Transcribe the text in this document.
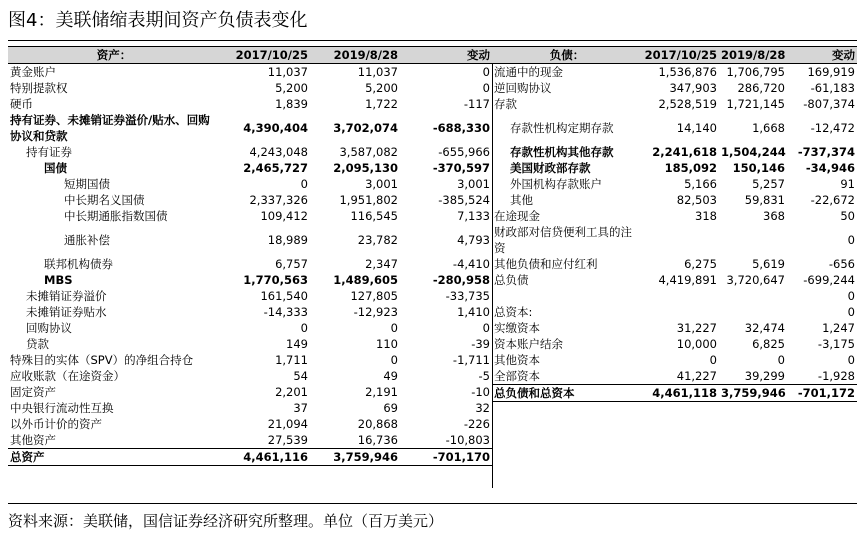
图4：美联储缩表期间资产负债表变化
资产：	2017/10/25	2019/8/28	变动
黄金账户	11,037	11,037	0
特别提款权	5,200	5,200	0
硬币	1,839	1,722	-117
持有证券、未摊销证券溢价/贴水、回购协议和贷款	4,390,404	3,702,074	-688,330
持有证券	4,243,048	3,587,082	-655,966
国债	2,465,727	2,095,130	-370,597
短期国债	0	3,001	3,001
中长期名义国债	2,337,326	1,951,802	-385,524
中长期通胀指数国债	109,412	116,545	7,133
通胀补偿	18,989	23,782	4,793
联邦机构债券	6,757	2,347	-4,410
MBS	1,770,563	1,489,605	-280,958
未摊销证券溢价	161,540	127,805	-33,735
未摊销证券贴水	-14,333	-12,923	1,410
回购协议	0	0	0
贷款	149	110	-39
特殊目的实体（SPV）的净组合持仓	1,711	0	-1,711
应收账款（在途资金）	54	49	-5
固定资产	2,201	2,191	-10
中央银行流动性互换	37	69	32
以外币计价的资产	21,094	20,868	-226
其他资产	27,539	16,736	-10,803
总资产	4,461,116	3,759,946	-701,170
负债：	2017/10/25	2019/8/28	变动
流通中的现金	1,536,876	1,706,795	169,919
逆回购协议	347,903	286,720	-61,183
存款	2,528,519	1,721,145	-807,374
存款性机构定期存款	14,140	1,668	-12,472
存款性机构其他存款	2,241,618	1,504,244	-737,374
美国财政部存款	185,092	150,146	-34,946
外国机构存款账户	5,166	5,257	91
其他	82,503	59,831	-22,672
在途现金	318	368	50
财政部对信贷便利工具的注资			0
其他负债和应付红利	6,275	5,619	-656
总负债	4,419,891	3,720,647	-699,244
			0
总资本:			0
实缴资本	31,227	32,474	1,247
资本账户结余	10,000	6,825	-3,175
其他资本	0	0	0
全部资本	41,227	39,299	-1,928

总负债和总资本	4,461,118	3,759,946	-701,172
资料来源：美联储，国信证券经济研究所整理。单位（百万美元）
